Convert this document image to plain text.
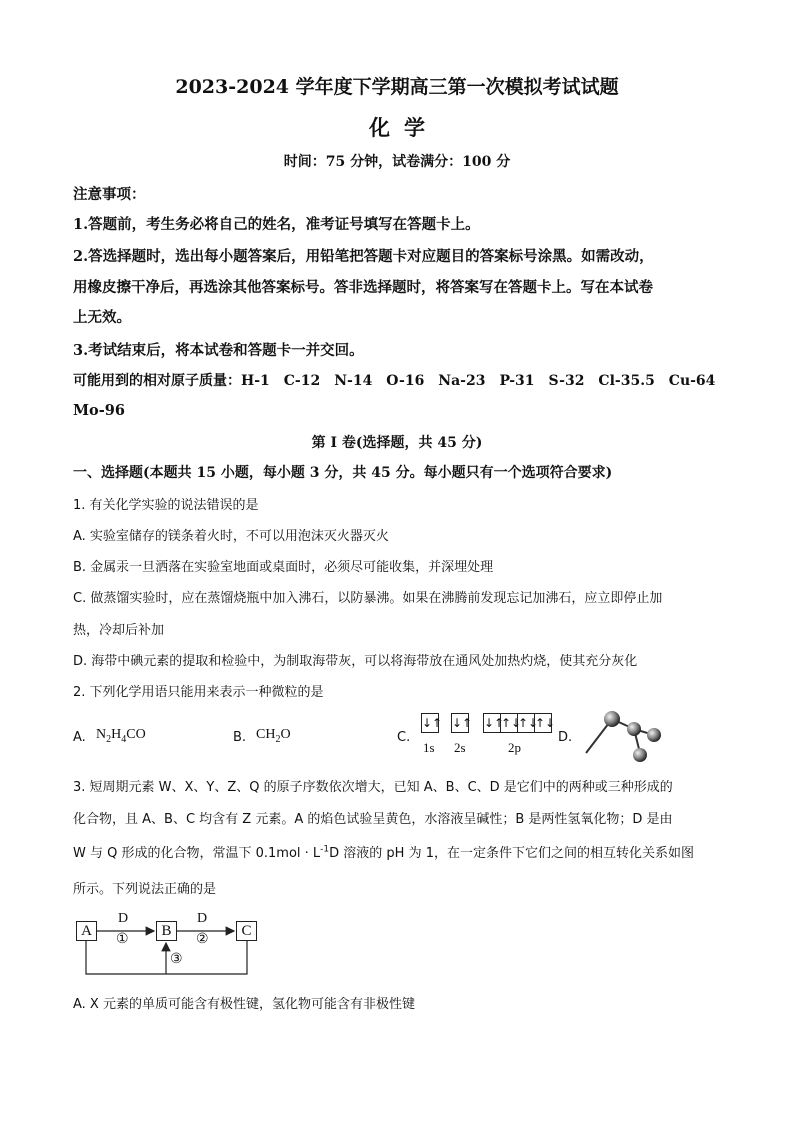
2023-2024 学年度下学期高三第一次模拟考试试题
化学
时间：75 分钟，试卷满分：100 分
注意事项：
1.答题前，考生务必将自己的姓名，准考证号填写在答题卡上。
2.答选择题时，选出每小题答案后，用铅笔把答题卡对应题目的答案标号涂黑。如需改动，
用橡皮擦干净后，再选涂其他答案标号。答非选择题时，将答案写在答题卡上。写在本试卷
上无效。
3.考试结束后，将本试卷和答题卡一并交回。
可能用到的相对原子质量：H-1　C-12　N-14　O-16　Na-23　P-31　S-32　Cl-35.5　Cu-64
Mo-96
第 I 卷(选择题，共 45 分)
一、选择题(本题共 15 小题，每小题 3 分，共 45 分。每小题只有一个选项符合要求)
1. 有关化学实验的说法错误的是
A. 实验室储存的镁条着火时，不可以用泡沫灭火器灭火
B. 金属汞一旦洒落在实验室地面或桌面时，必须尽可能收集，并深埋处理
C. 做蒸馏实验时，应在蒸馏烧瓶中加入沸石，以防暴沸。如果在沸腾前发现忘记加沸石，应立即停止加
热，冷却后补加
D. 海带中碘元素的提取和检验中，为制取海带灰，可以将海带放在通风处加热灼烧，使其充分灰化
2. 下列化学用语只能用来表示一种微粒的是
A. $N_2H_4CO$	B. $CH_2O$	C.
↓↑ ↓↑ ↓↑
↑↓
↑↓
↑↓
1s 2s	2p
D.
3. 短周期元素 W、X、Y、Z、Q 的原子序数依次增大，已知 A、B、C、D 是它们中的两种或三种形成的
化合物，且 A、B、C 均含有 Z 元素。A 的焰色试验呈黄色，水溶液呈碱性；B 是两性氢氧化物；D 是由
W 与 Q 形成的化合物，常温下 $0.1mol \cdot L^{-1}D$ 溶液的 pH 为 1，在一定条件下它们之间的相互转化关系如图
所示。下列说法正确的是
A	B	C
D
①
D
②
③
A. X 元素的单质可能含有极性键，氢化物可能含有非极性键
